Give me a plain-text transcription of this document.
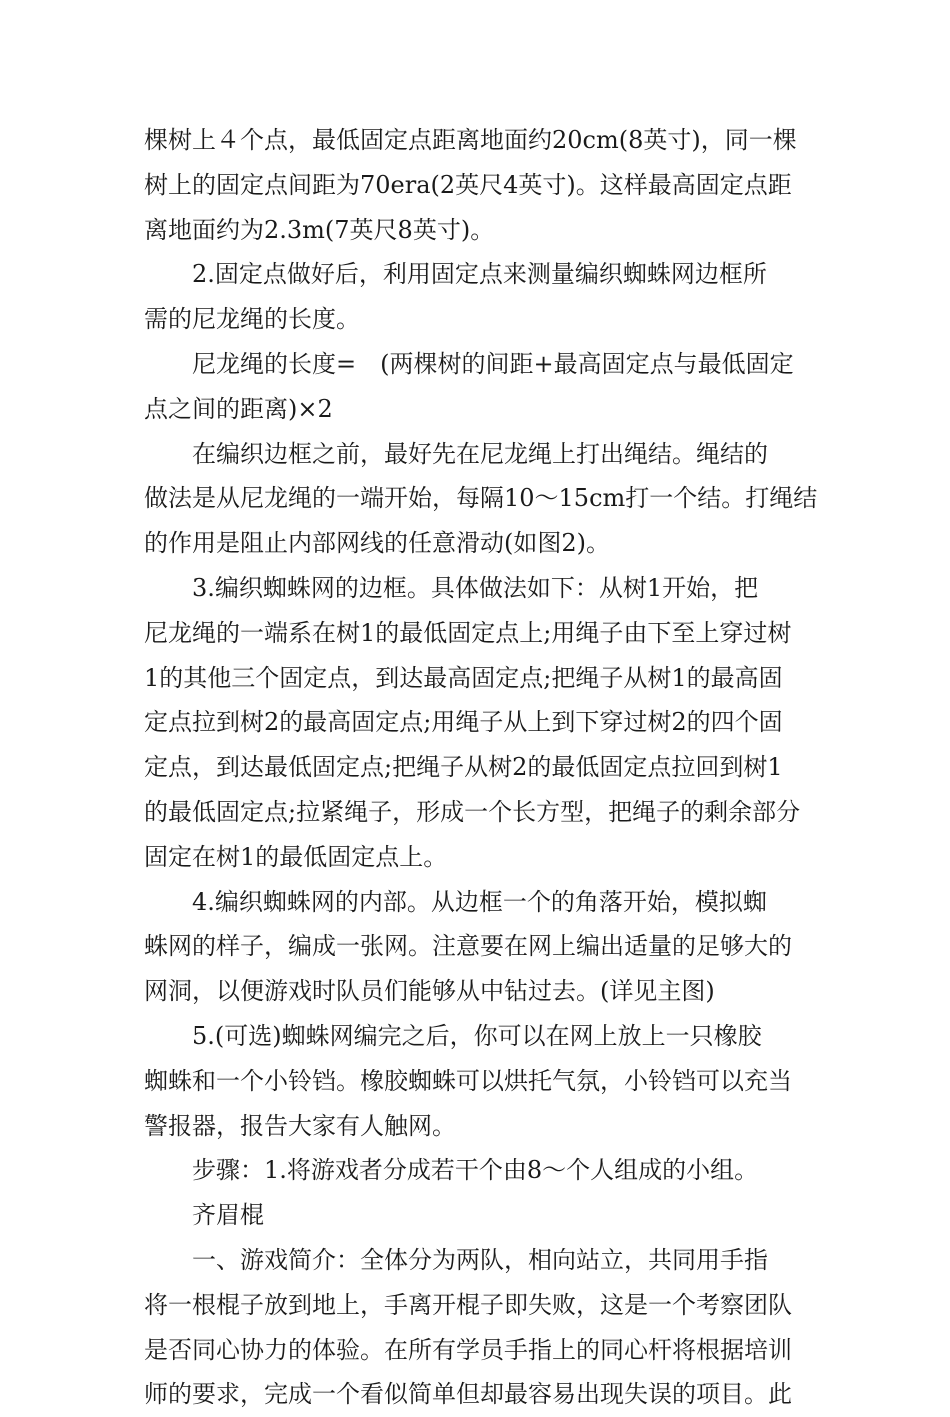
棵树上４个点，最低固定点距离地面约20cm(8英寸)，同一棵
树上的固定点间距为70era(2英尺4英寸)。这样最高固定点距
离地面约为2.3m(7英尺8英寸)。
　　2.固定点做好后，利用固定点来测量编织蜘蛛网边框所
需的尼龙绳的长度。
　　尼龙绳的长度=　(两棵树的间距+最高固定点与最低固定
点之间的距离)×2
　　在编织边框之前，最好先在尼龙绳上打出绳结。绳结的
做法是从尼龙绳的一端开始，每隔10～15cm打一个结。打绳结
的作用是阻止内部网线的任意滑动(如图2)。
　　3.编织蜘蛛网的边框。具体做法如下：从树1开始，把
尼龙绳的一端系在树1的最低固定点上;用绳子由下至上穿过树
1的其他三个固定点，到达最高固定点;把绳子从树1的最高固
定点拉到树2的最高固定点;用绳子从上到下穿过树2的四个固
定点，到达最低固定点;把绳子从树2的最低固定点拉回到树1
的最低固定点;拉紧绳子，形成一个长方型，把绳子的剩余部分
固定在树1的最低固定点上。
　　4.编织蜘蛛网的内部。从边框一个的角落开始，模拟蜘
蛛网的样子，编成一张网。注意要在网上编出适量的足够大的
网洞，以便游戏时队员们能够从中钻过去。(详见主图)
　　5.(可选)蜘蛛网编完之后，你可以在网上放上一只橡胶
蜘蛛和一个小铃铛。橡胶蜘蛛可以烘托气氛，小铃铛可以充当
警报器，报告大家有人触网。
　　步骤：1.将游戏者分成若干个由8～个人组成的小组。
　　齐眉棍
　　一、游戏简介：全体分为两队，相向站立，共同用手指
将一根棍子放到地上，手离开棍子即失败，这是一个考察团队
是否同心协力的体验。在所有学员手指上的同心杆将根据培训
师的要求，完成一个看似简单但却最容易出现失误的项目。此
